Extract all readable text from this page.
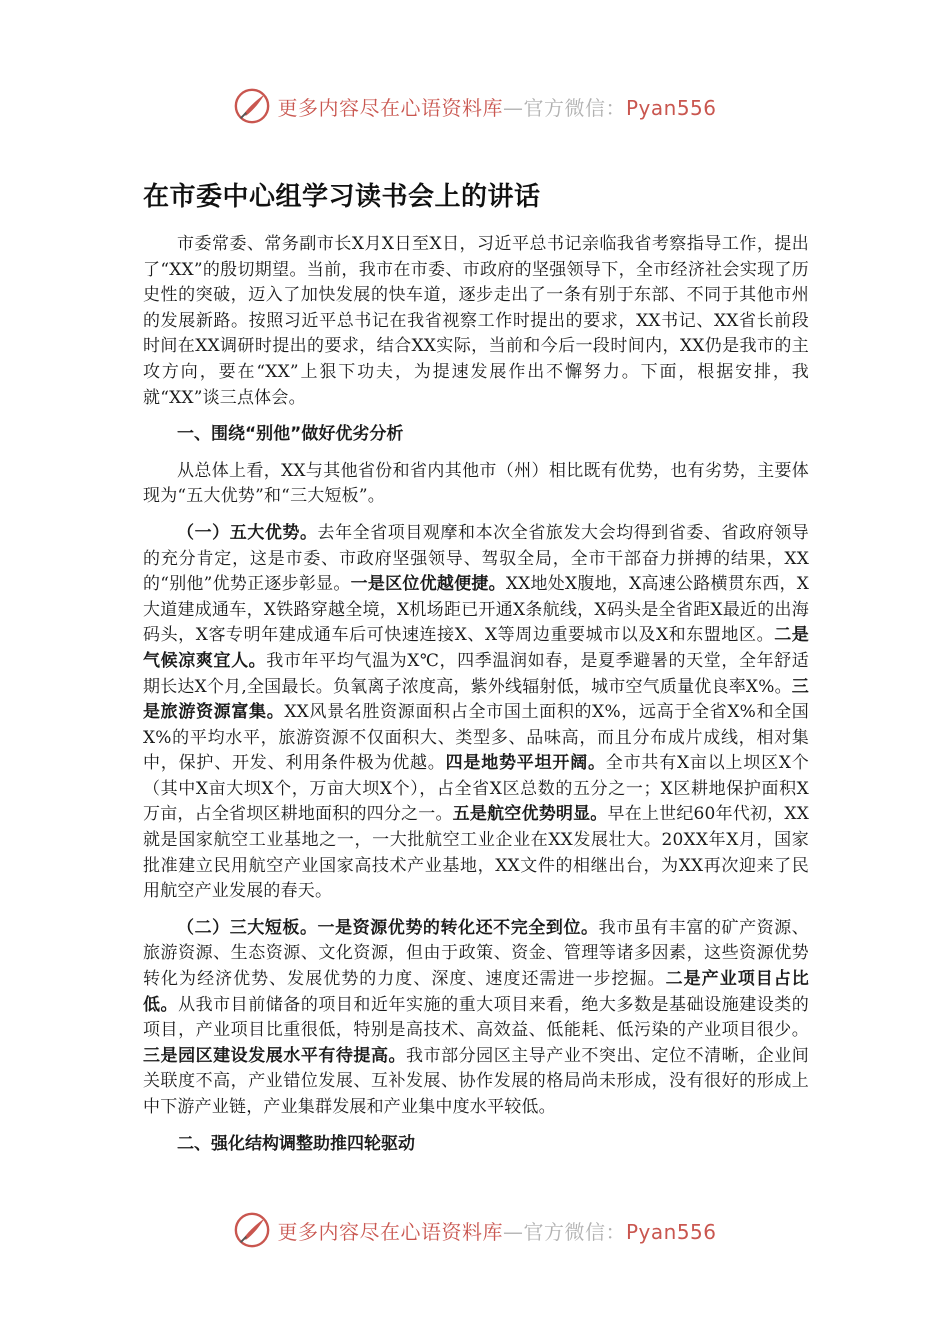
更多内容尽在心语资料库—官方微信：Pyan556
在市委中心组学习读书会上的讲话

市委常委、常务副市长X月X日至X日，习近平总书记亲临我省考察指导工作，提出了“XX”的殷切期望。当前，我市在市委、市政府的坚强领导下，全市经济社会实现了历史性的突破，迈入了加快发展的快车道，逐步走出了一条有别于东部、不同于其他市州的发展新路。按照习近平总书记在我省视察工作时提出的要求，XX书记、XX省长前段时间在XX调研时提出的要求，结合XX实际，当前和今后一段时间内，XX仍是我市的主攻方向，要在“XX”上狠下功夫，为提速发展作出不懈努力。下面，根据安排，我就“XX”谈三点体会。

一、围绕“别他”做好优劣分析

从总体上看，XX与其他省份和省内其他市（州）相比既有优势，也有劣势，主要体现为“五大优势”和“三大短板”。

（一）五大优势。去年全省项目观摩和本次全省旅发大会均得到省委、省政府领导的充分肯定，这是市委、市政府坚强领导、驾驭全局，全市干部奋力拼搏的结果，XX的“别他”优势正逐步彰显。一是区位优越便捷。XX地处X腹地，X高速公路横贯东西，X大道建成通车，X铁路穿越全境，X机场距已开通X条航线，X码头是全省距X最近的出海码头，X客专明年建成通车后可快速连接X、X等周边重要城市以及X和东盟地区。二是气候凉爽宜人。我市年平均气温为X℃，四季温润如春，是夏季避暑的天堂，全年舒适期长达X个月,全国最长。负氧离子浓度高，紫外线辐射低，城市空气质量优良率X%。三是旅游资源富集。XX风景名胜资源面积占全市国土面积的X%，远高于全省X%和全国X%的平均水平，旅游资源不仅面积大、类型多、品味高，而且分布成片成线，相对集中，保护、开发、利用条件极为优越。四是地势平坦开阔。全市共有X亩以上坝区X个（其中X亩大坝X个，万亩大坝X个），占全省X区总数的五分之一；X区耕地保护面积X万亩，占全省坝区耕地面积的四分之一。五是航空优势明显。早在上世纪60年代初，XX就是国家航空工业基地之一，一大批航空工业企业在XX发展壮大。20XX年X月，国家批准建立民用航空产业国家高技术产业基地，XX文件的相继出台，为XX再次迎来了民用航空产业发展的春天。

（二）三大短板。一是资源优势的转化还不完全到位。我市虽有丰富的矿产资源、旅游资源、生态资源、文化资源，但由于政策、资金、管理等诸多因素，这些资源优势转化为经济优势、发展优势的力度、深度、速度还需进一步挖掘。二是产业项目占比低。从我市目前储备的项目和近年实施的重大项目来看，绝大多数是基础设施建设类的项目，产业项目比重很低，特别是高技术、高效益、低能耗、低污染的产业项目很少。三是园区建设发展水平有待提高。我市部分园区主导产业不突出、定位不清晰，企业间关联度不高，产业错位发展、互补发展、协作发展的格局尚未形成，没有很好的形成上中下游产业链，产业集群发展和产业集中度水平较低。

二、强化结构调整助推四轮驱动

更多内容尽在心语资料库—官方微信：Pyan556
